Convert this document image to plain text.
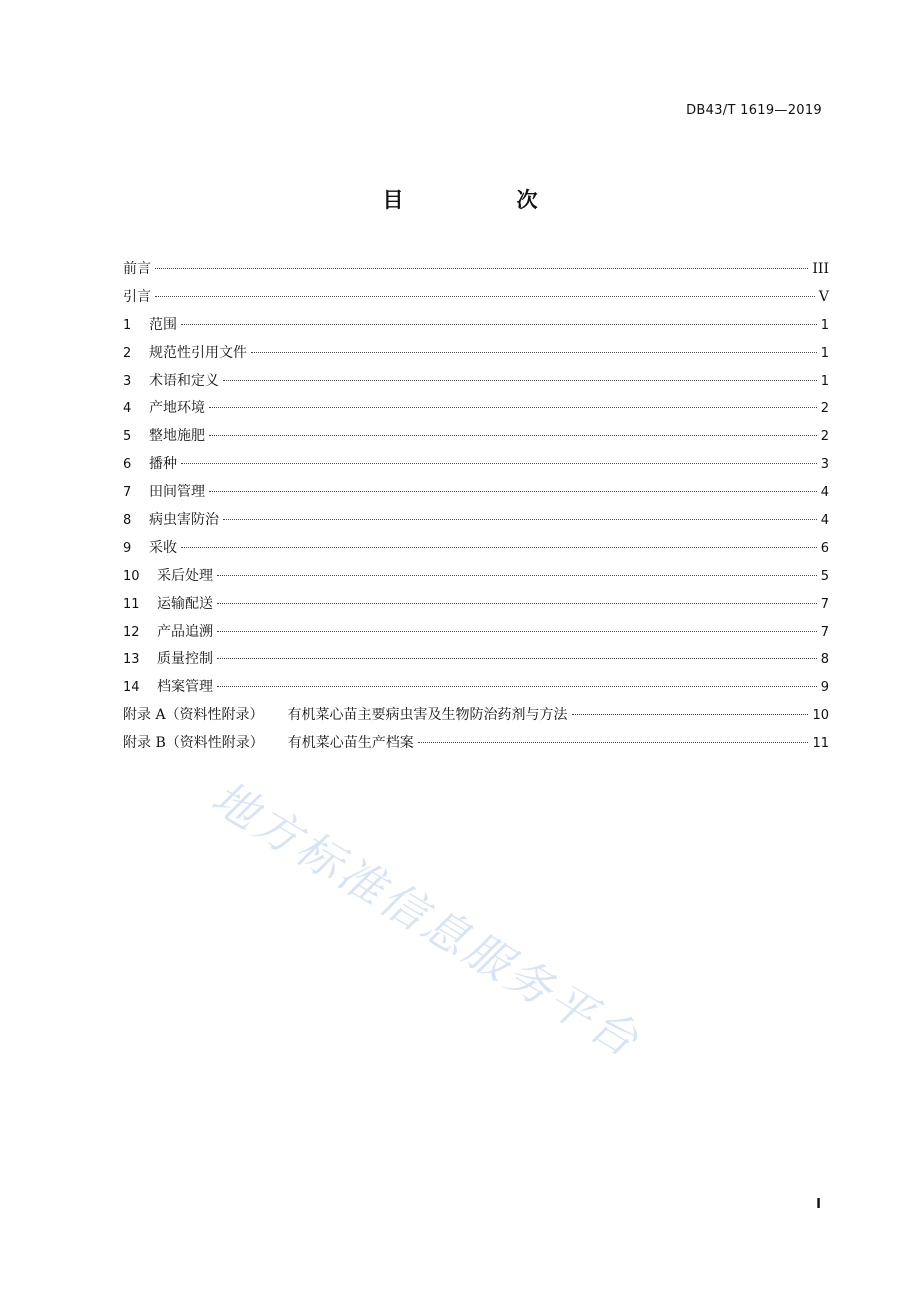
DB43/T 1619—2019
目　次
前言	III
引言	V
1	范围	1
2	规范性引用文件	1
3	术语和定义	1
4	产地环境	2
5	整地施肥	2
6	播种	3
7	田间管理	4
8	病虫害防治	4
9	采收	6
10	采后处理	5
11	运输配送	7
12	产品追溯	7
13	质量控制	8
14	档案管理	9
附录 A（资料性附录） 有机菜心苗主要病虫害及生物防治药剂与方法	10
附录 B（资料性附录） 有机菜心苗生产档案	11
地方标准信息服务平台
I
